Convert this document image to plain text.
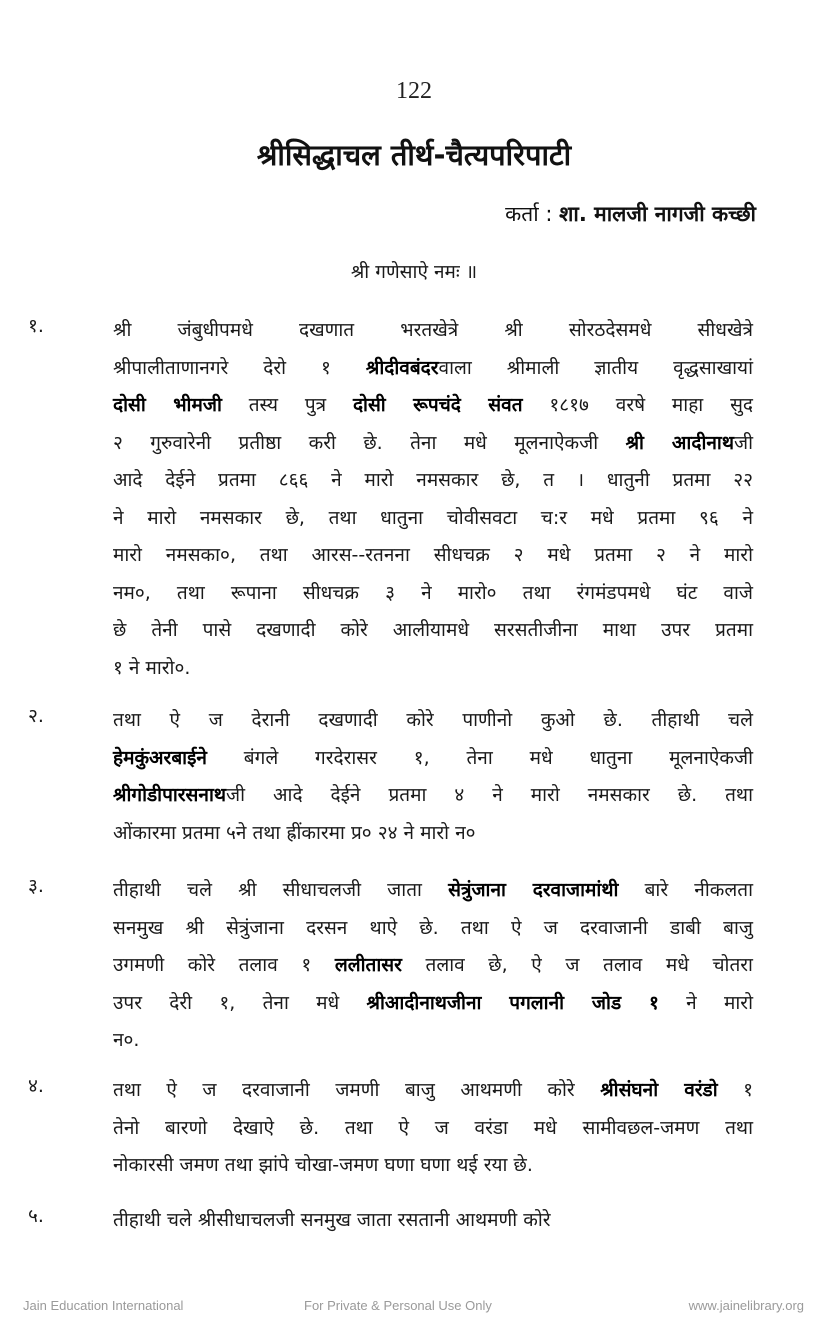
122
श्रीसिद्धाचल तीर्थ-चैत्यपरिपाटी
कर्ता : शा. मालजी नागजी कच्छी
श्री गणेसाऐ नमः ॥
१.	श्री जंबुधीपमधे दखणात भरतखेत्रे श्री सोरठदेसमधे सीधखेत्रे
श्रीपालीताणानगरे देरो १ श्रीदीवबंदरवाला श्रीमाली ज्ञातीय वृद्धसाखायां
दोसी भीमजी तस्य पुत्र दोसी रूपचंदे संवत १८१७ वरषे माहा सुद
२ गुरुवारेनी प्रतीष्ठा करी छे. तेना मधे मूलनाऐकजी श्री आदीनाथजी
आदे देईने प्रतमा ८६६ ने मारो नमसकार छे, त । धातुनी प्रतमा २२
ने मारो नमसकार छे, तथा धातुना चोवीसवटा च:र मधे प्रतमा ९६ ने
मारो नमसका०, तथा आरस--रतनना सीधचक्र २ मधे प्रतमा २ ने मारो
नम०, तथा रूपाना सीधचक्र ३ ने मारो० तथा रंगमंडपमधे घंट वाजे
छे तेनी पासे दखणादी कोरे आलीयामधे सरसतीजीना माथा उपर प्रतमा
१ ने मारो०.
२.	तथा ऐ ज देरानी दखणादी कोरे पाणीनो कुओ छे. तीहाथी चले
हेमकुंअरबाईने बंगले गरदेरासर १, तेना मधे धातुना मूलनाऐकजी
श्रीगोडीपारसनाथजी आदे देईने प्रतमा ४ ने मारो नमसकार छे. तथा
ओंकारमा प्रतमा ५ने तथा ह्रींकारमा प्र० २४ ने मारो न०
३.	तीहाथी चले श्री सीधाचलजी जाता सेत्रुंजाना दरवाजामांथी बारे नीकलता
सनमुख श्री सेत्रुंजाना दरसन थाऐ छे. तथा ऐ ज दरवाजानी डाबी बाजु
उगमणी कोरे तलाव १ ललीतासर तलाव छे, ऐ ज तलाव मधे चोतरा
उपर देरी १, तेना मधे श्रीआदीनाथजीना पगलानी जोड १ ने मारो
न०.
४.	तथा ऐ ज दरवाजानी जमणी बाजु आथमणी कोरे श्रीसंघनो वरंडो १
तेनो बारणो देखाऐ छे. तथा ऐ ज वरंडा मधे सामीवछल-जमण तथा
नोकारसी जमण तथा झांपे चोखा-जमण घणा घणा थई रया छे.
५.	तीहाथी चले श्रीसीधाचलजी सनमुख जाता रसतानी आथमणी कोरे
Jain Education International	For Private & Personal Use Only	www.jainelibrary.org
